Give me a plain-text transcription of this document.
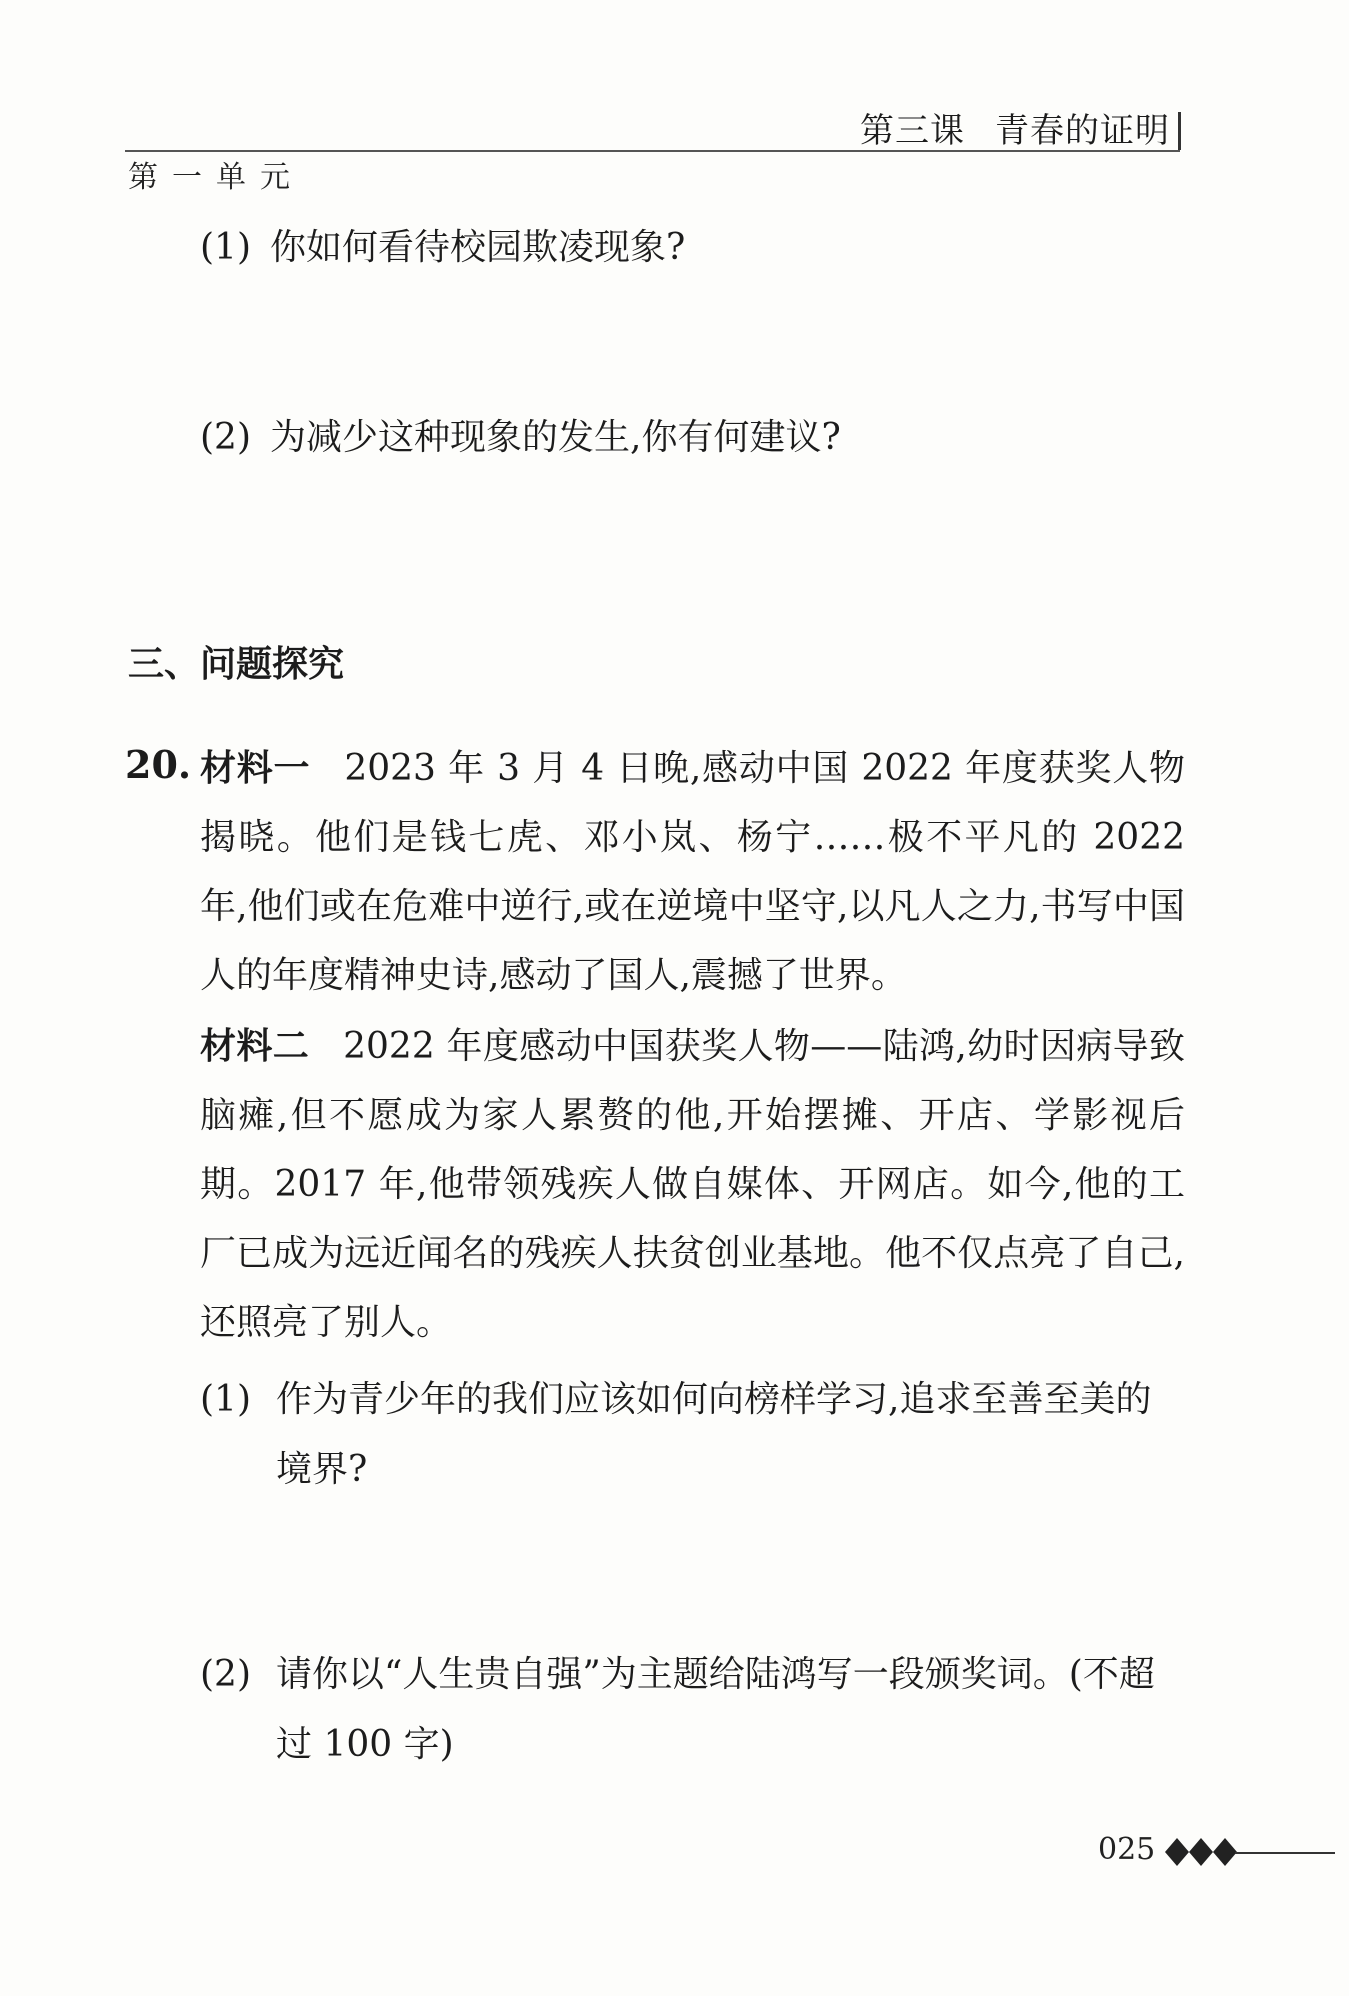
第三课 青春的证明
第一单元
(1) 你如何看待校园欺凌现象?
(2) 为减少这种现象的发生,你有何建议?
三、问题探究
20. 材料一 2023 年 3 月 4 日晚,感动中国 2022 年度获奖人物揭晓。他们是钱七虎、邓小岚、杨宁……极不平凡的 2022 年,他们或在危难中逆行,或在逆境中坚守,以凡人之力,书写中国人的年度精神史诗,感动了国人,震撼了世界。
材料二 2022 年度感动中国获奖人物——陆鸿,幼时因病导致脑瘫,但不愿成为家人累赘的他,开始摆摊、开店、学影视后期。2017 年,他带领残疾人做自媒体、开网店。如今,他的工厂已成为远近闻名的残疾人扶贫创业基地。他不仅点亮了自己,还照亮了别人。
(1) 作为青少年的我们应该如何向榜样学习,追求至善至美的境界?
(2) 请你以“人生贵自强”为主题给陆鸿写一段颁奖词。(不超过 100 字)
025
